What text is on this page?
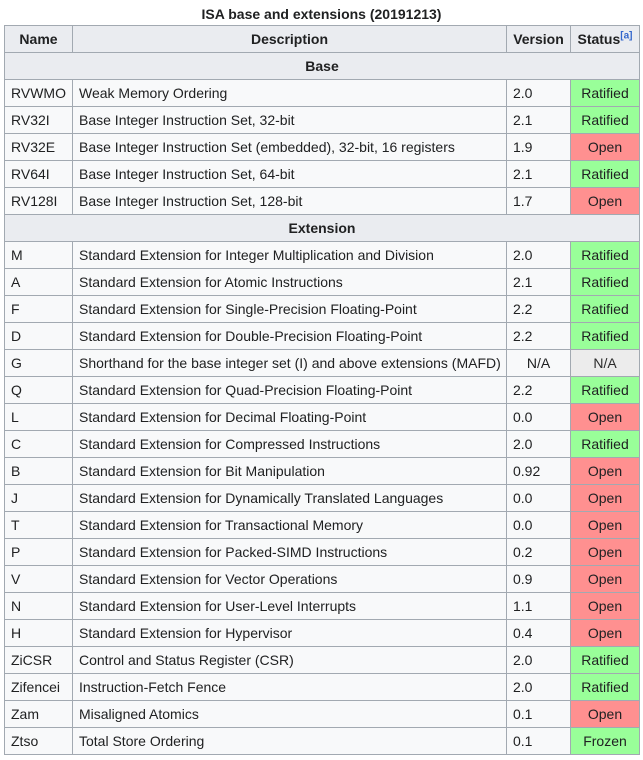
ISA base and extensions (20191213)
Name	Description	Version	Status[a]
Base			
RVWMO	Weak Memory Ordering	2.0	Ratified
RV32I	Base Integer Instruction Set, 32-bit	2.1	Ratified
RV32E	Base Integer Instruction Set (embedded), 32-bit, 16 registers	1.9	Open
RV64I	Base Integer Instruction Set, 64-bit	2.1	Ratified
RV128I	Base Integer Instruction Set, 128-bit	1.7	Open
Extension			
M	Standard Extension for Integer Multiplication and Division	2.0	Ratified
A	Standard Extension for Atomic Instructions	2.1	Ratified
F	Standard Extension for Single-Precision Floating-Point	2.2	Ratified
D	Standard Extension for Double-Precision Floating-Point	2.2	Ratified
G	Shorthand for the base integer set (I) and above extensions (MAFD)	N/A	N/A
Q	Standard Extension for Quad-Precision Floating-Point	2.2	Ratified
L	Standard Extension for Decimal Floating-Point	0.0	Open
C	Standard Extension for Compressed Instructions	2.0	Ratified
B	Standard Extension for Bit Manipulation	0.92	Open
J	Standard Extension for Dynamically Translated Languages	0.0	Open
T	Standard Extension for Transactional Memory	0.0	Open
P	Standard Extension for Packed-SIMD Instructions	0.2	Open
V	Standard Extension for Vector Operations	0.9	Open
N	Standard Extension for User-Level Interrupts	1.1	Open
H	Standard Extension for Hypervisor	0.4	Open
ZiCSR	Control and Status Register (CSR)	2.0	Ratified
Zifencei	Instruction-Fetch Fence	2.0	Ratified
Zam	Misaligned Atomics	0.1	Open
Ztso	Total Store Ordering	0.1	Frozen
